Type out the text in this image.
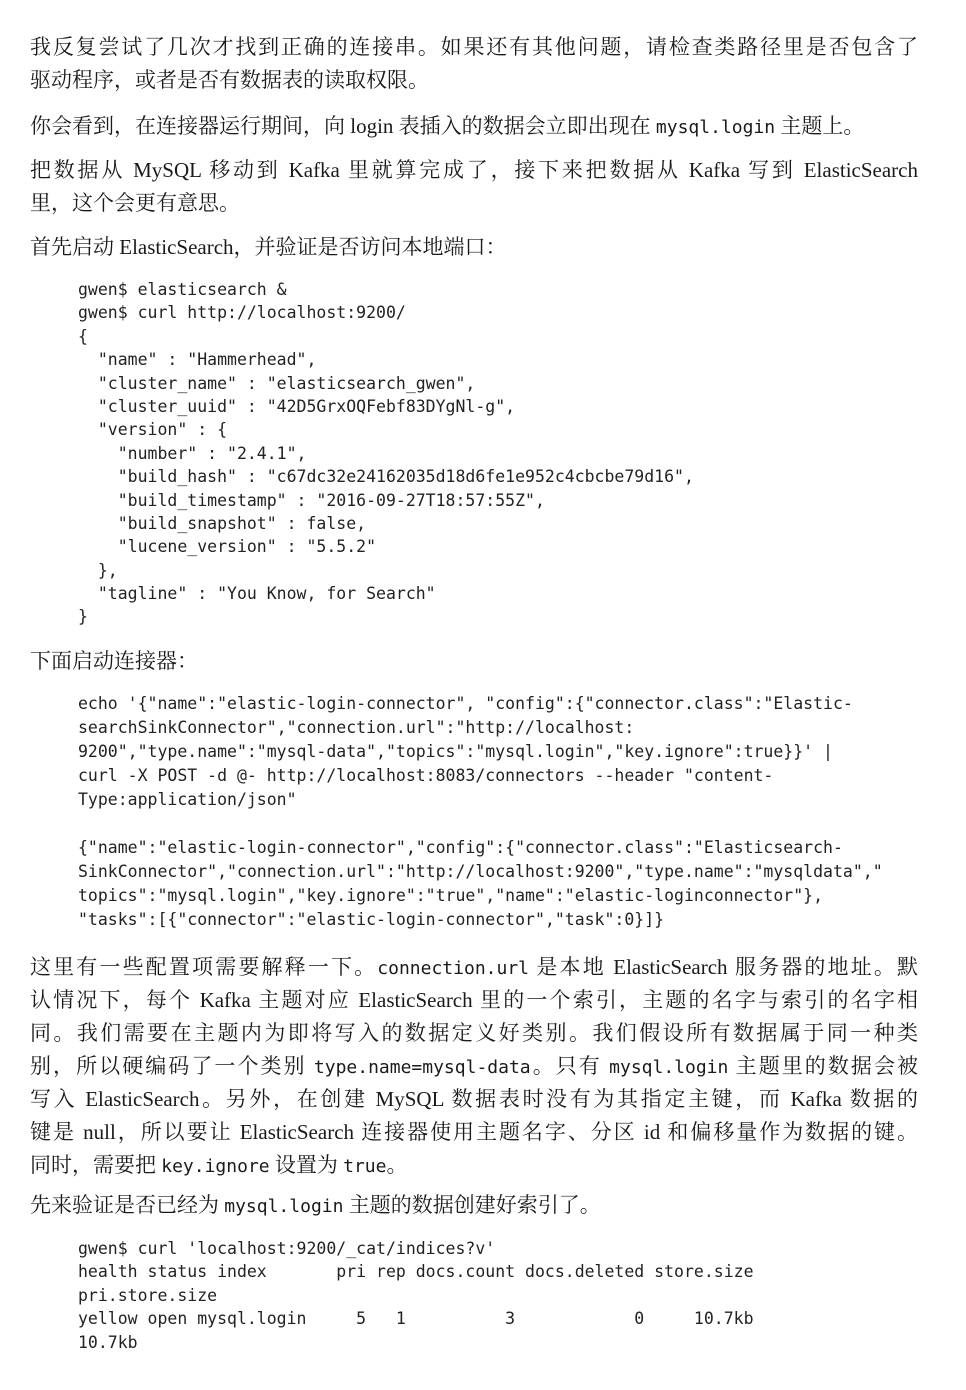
我反复尝试了几次才找到正确的连接串。如果还有其他问题，请检查类路径里是否包含了
驱动程序，或者是否有数据表的读取权限。
你会看到，在连接器运行期间，向 login 表插入的数据会立即出现在 mysql.login 主题上。
把数据从 MySQL 移动到 Kafka 里就算完成了，接下来把数据从 Kafka 写到 ElasticSearch
里，这个会更有意思。
首先启动 ElasticSearch，并验证是否访问本地端口：
gwen$ elasticsearch &
gwen$ curl http://localhost:9200/
{
"name" : "Hammerhead",
"cluster_name" : "elasticsearch_gwen",
"cluster_uuid" : "42D5GrxOQFebf83DYgNl-g",
"version" : {
"number" : "2.4.1",
"build_hash" : "c67dc32e24162035d18d6fe1e952c4cbcbe79d16",
"build_timestamp" : "2016-09-27T18:57:55Z",
"build_snapshot" : false,
"lucene_version" : "5.5.2"
},
"tagline" : "You Know, for Search"
}
下面启动连接器：
echo '{"name":"elastic-login-connector", "config":{"connector.class":"Elastic-
searchSinkConnector","connection.url":"http://localhost:
9200","type.name":"mysql-data","topics":"mysql.login","key.ignore":true}}' |
curl -X POST -d @- http://localhost:8083/connectors --header "content-
Type:application/json"
{"name":"elastic-login-connector","config":{"connector.class":"Elasticsearch-
SinkConnector","connection.url":"http://localhost:9200","type.name":"mysqldata","
topics":"mysql.login","key.ignore":"true","name":"elastic-loginconnector"},
"tasks":[{"connector":"elastic-login-connector","task":0}]}
这里有一些配置项需要解释一下。connection.url 是本地 ElasticSearch 服务器的地址。默
认情况下，每个 Kafka 主题对应 ElasticSearch 里的一个索引，主题的名字与索引的名字相
同。我们需要在主题内为即将写入的数据定义好类别。我们假设所有数据属于同一种类
别，所以硬编码了一个类别 type.name=mysql-data。只有 mysql.login 主题里的数据会被
写入 ElasticSearch。另外，在创建 MySQL 数据表时没有为其指定主键，而 Kafka 数据的
键是 null，所以要让 ElasticSearch 连接器使用主题名字、分区 id 和偏移量作为数据的键。
同时，需要把 key.ignore 设置为 true。
先来验证是否已经为 mysql.login 主题的数据创建好索引了。
gwen$ curl 'localhost:9200/_cat/indices?v'
health status index       pri rep docs.count docs.deleted store.size
pri.store.size
yellow open mysql.login     5   1          3            0     10.7kb
10.7kb
